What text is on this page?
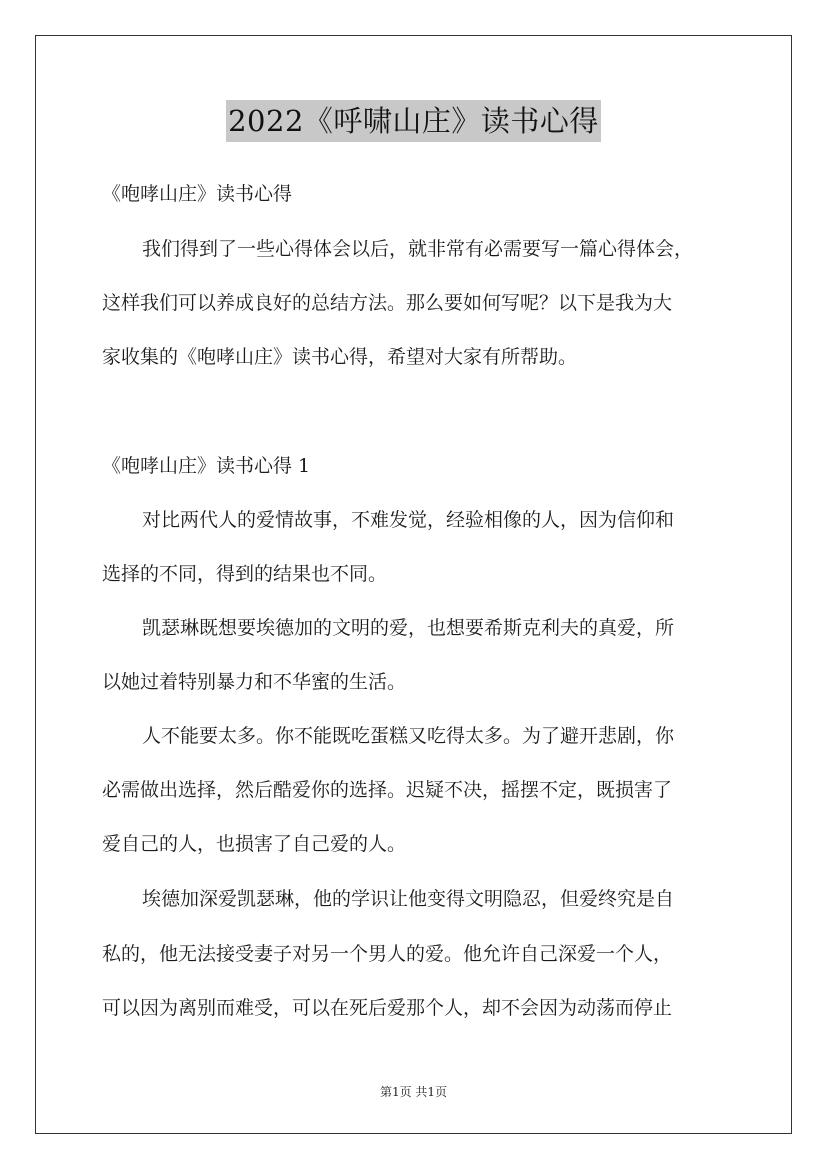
2022《呼啸山庄》读书心得
《咆哮山庄》读书心得
我们得到了一些心得体会以后，就非常有必需要写一篇心得体会，
这样我们可以养成良好的总结方法。那么要如何写呢？以下是我为大
家收集的《咆哮山庄》读书心得，希望对大家有所帮助。
《咆哮山庄》读书心得 1
对比两代人的爱情故事，不难发觉，经验相像的人，因为信仰和
选择的不同，得到的结果也不同。
凯瑟琳既想要埃德加的文明的爱，也想要希斯克利夫的真爱，所
以她过着特别暴力和不华蜜的生活。
人不能要太多。你不能既吃蛋糕又吃得太多。为了避开悲剧，你
必需做出选择，然后酷爱你的选择。迟疑不决，摇摆不定，既损害了
爱自己的人，也损害了自己爱的人。
埃德加深爱凯瑟琳，他的学识让他变得文明隐忍，但爱终究是自
私的，他无法接受妻子对另一个男人的爱。他允许自己深爱一个人，
可以因为离别而难受，可以在死后爱那个人，却不会因为动荡而停止
第1页 共1页
